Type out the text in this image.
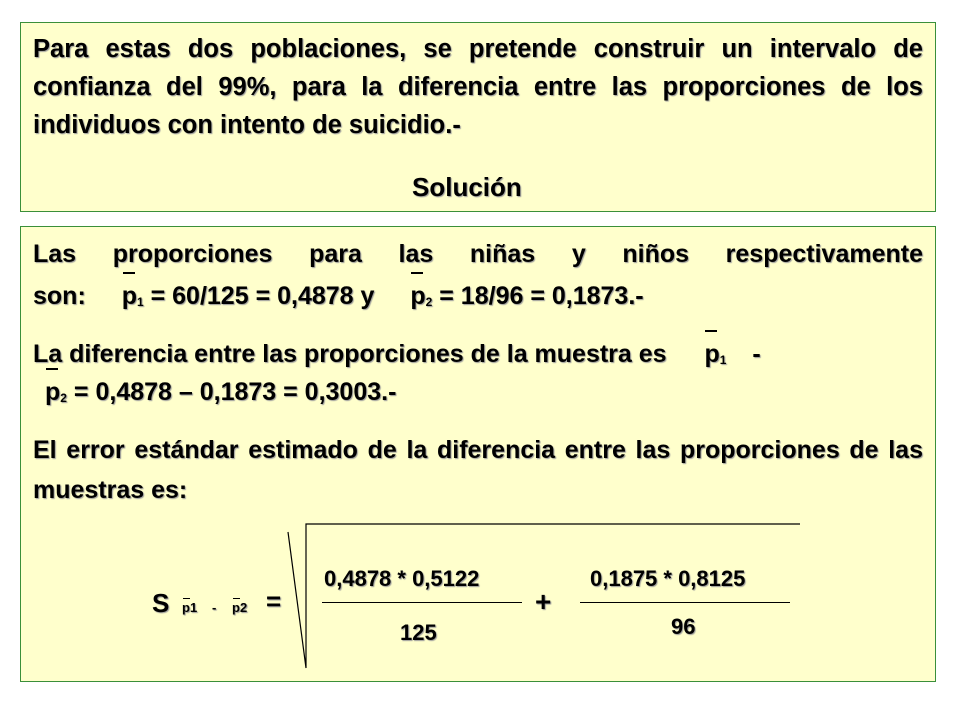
Para estas dos poblaciones, se pretende construir un intervalo de confianza del 99%, para la diferencia entre las proporciones de los individuos con intento de suicidio.-
Solución
Las proporciones para las niñas y niños respectivamente
son: p1 = 60/125 = 0,4878 y p2 = 18/96 = 0,1873.-
La diferencia entre las proporciones de la muestra es p1 -
p2 = 0,4878 – 0,1873 = 0,3003.-
El error estándar estimado de la diferencia entre las proporciones de las muestras es:
S p1 - p2 =
0,4878 * 0,5122
125
+
0,1875 * 0,8125
96
